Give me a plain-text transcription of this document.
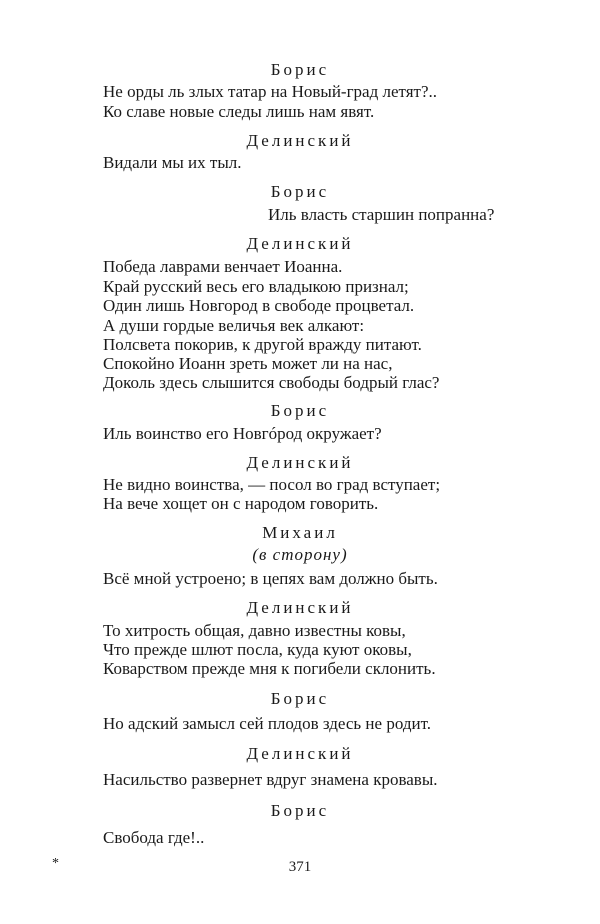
Борис
Не орды ль злых татар на Новый-град летят?..
Ко славе новые следы лишь нам явят.
Делинский
Видали мы их тыл.
Борис
Иль власть старшин попранна?
Делинский
Победа лаврами венчает Иоанна.
Край русский весь его владыкою признал;
Один лишь Новгород в свободе процветал.
А души гордые величья век алкают:
Полсвета покорив, к другой вражду питают.
Спокойно Иоанн зреть может ли на нас,
Доколь здесь слышится свободы бодрый глас?
Борис
Иль воинство его Новгóрод окружает?
Делинский
Не видно воинства, — посол во град вступает;
На вече хощет он с народом говорить.
Михаил
(в сторону)
Всё мной устроено; в цепях вам должно быть.
Делинский
То хитрость общая, давно известны ковы,
Что прежде шлют посла, куда куют оковы,
Коварством прежде мня к погибели склонить.
Борис
Но адский замысл сей плодов здесь не родит.
Делинский
Насильство развернет вдруг знамена кровавы.
Борис
Свобода где!..
*	371
